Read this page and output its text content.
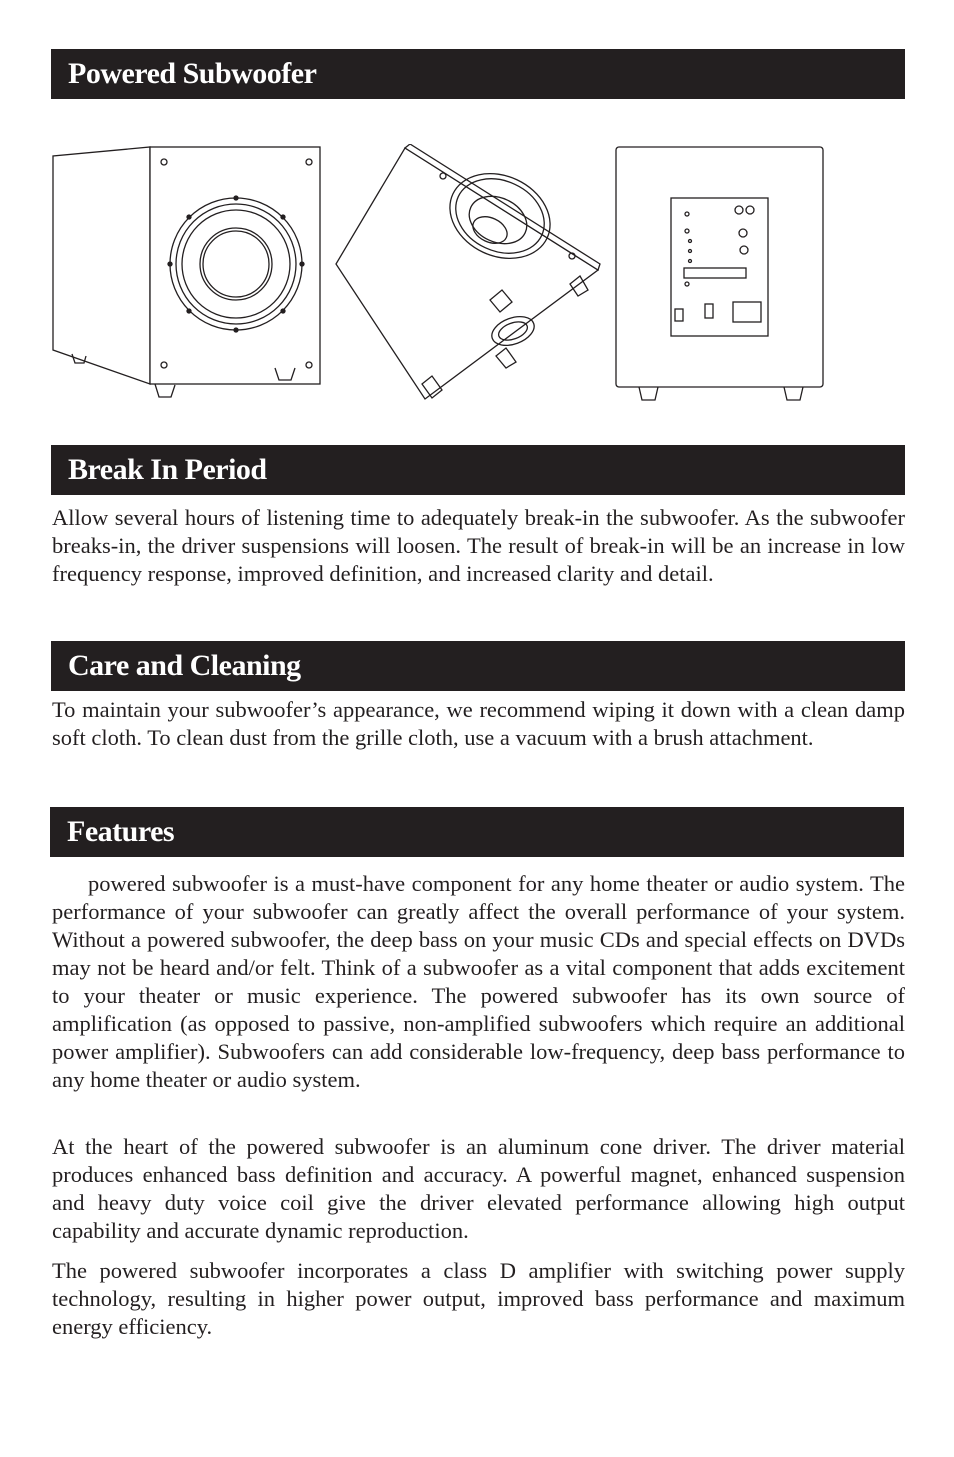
Powered Subwoofer
Break In Period

Allow several hours of listening time to adequately break-in the subwoofer. As the subwoofer breaks-in, the driver suspensions will loosen. The result of break-in will be an increase in low frequency response, improved definition, and increased clarity and detail.

Care and Cleaning

To maintain your subwoofer’s appearance, we recommend wiping it down with a clean damp soft cloth. To clean dust from the grille cloth, use a vacuum with a brush attachment.

Features

powered subwoofer is a must-have component for any home theater or audio system. The performance of your subwoofer can greatly affect the overall performance of your system. Without a powered subwoofer, the deep bass on your music CDs and special effects on DVDs may not be heard and/or felt. Think of a subwoofer as a vital component that adds excitement to your theater or music experience. The powered subwoofer has its own source of amplification (as opposed to passive, non-amplified subwoofers which require an additional power amplifier). Subwoofers can add considerable low-frequency, deep bass performance to any home theater or audio system.

At the heart of the powered subwoofer is an aluminum cone driver. The driver material produces enhanced bass definition and accuracy. A powerful magnet, enhanced suspension and heavy duty voice coil give the driver elevated performance allowing high output capability and accurate dynamic reproduction.

The powered subwoofer incorporates a class D amplifier with switching power supply technology, resulting in higher power output, improved bass performance and maximum energy efficiency.
